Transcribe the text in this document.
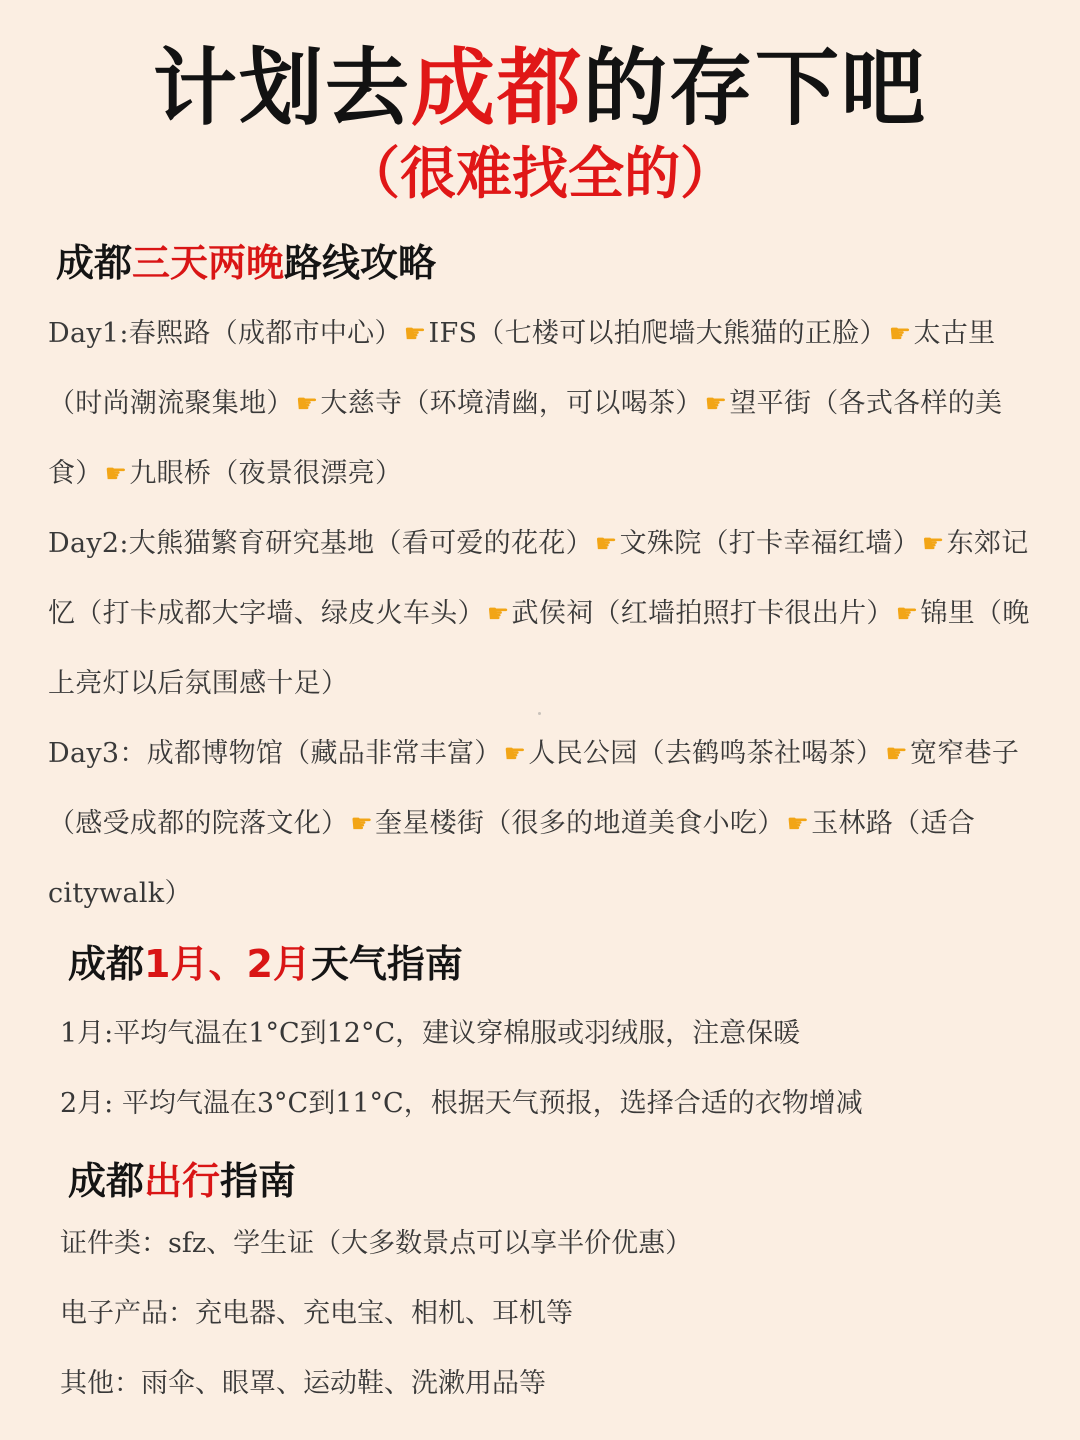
计划去成都的存下吧
（很难找全的）
成都三天两晚路线攻略
Day1:春熙路（成都市中心）☛IFS（七楼可以拍爬墙大熊猫的正脸）☛太古里（时尚潮流聚集地）☛大慈寺（环境清幽，可以喝茶）☛望平街（各式各样的美食）☛九眼桥（夜景很漂亮）
Day2:大熊猫繁育研究基地（看可爱的花花）☛文殊院（打卡幸福红墙）☛东郊记忆（打卡成都大字墙、绿皮火车头）☛武侯祠（红墙拍照打卡很出片）☛锦里（晚上亮灯以后氛围感十足）
Day3：成都博物馆（藏品非常丰富）☛人民公园（去鹤鸣茶社喝茶）☛宽窄巷子（感受成都的院落文化）☛奎星楼街（很多的地道美食小吃）☛玉林路（适合citywalk）
成都1月、2月天气指南
1月:平均气温在1°C到12°C，建议穿棉服或羽绒服，注意保暖
2月: 平均气温在3°C到11°C，根据天气预报，选择合适的衣物增减
成都出行指南
证件类：sfz、学生证（大多数景点可以享半价优惠）
电子产品：充电器、充电宝、相机、耳机等
其他：雨伞、眼罩、运动鞋、洗漱用品等
